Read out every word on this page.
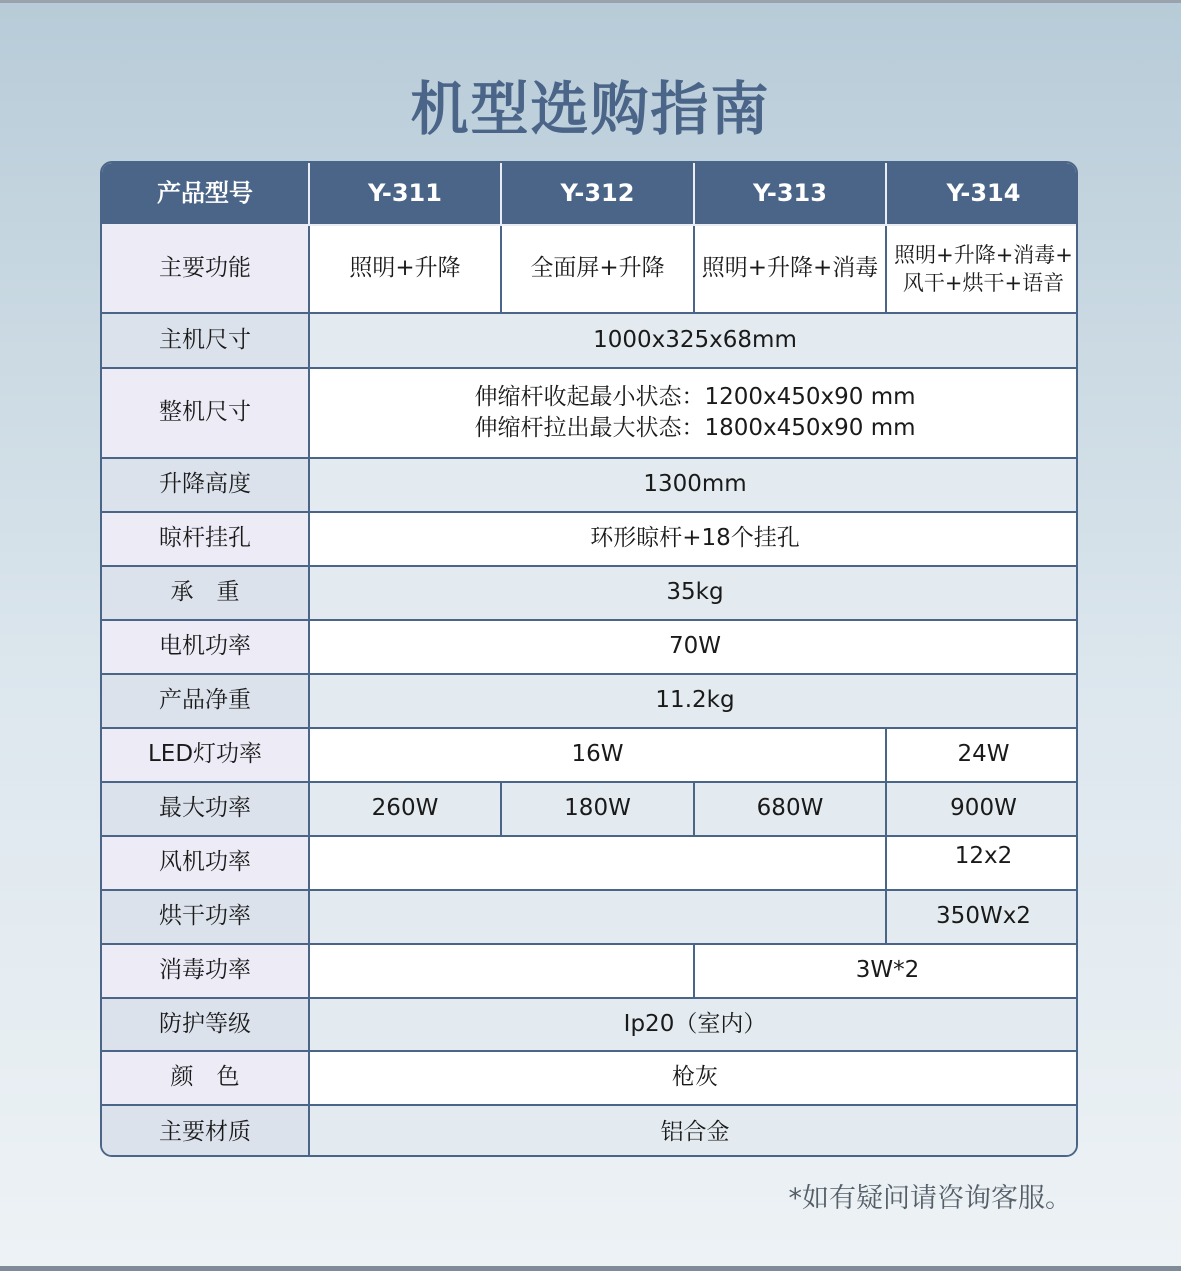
机型选购指南
产品型号	Y-311	Y-312	Y-313	Y-314
主要功能	照明+升降	全面屏+升降	照明+升降+消毒	照明+升降+消毒+
风干+烘干+语音

主机尺寸	1000x325x68mm			
整机尺寸	伸缩杆收起最小状态：1200x450x90 mm
伸缩杆拉出最大状态：1800x450x90 mm			

升降高度	1300mm			
晾杆挂孔	环形晾杆+18个挂孔			
承　重	35kg			
电机功率	70W			
产品净重	11.2kg			
LED灯功率	16W			24W
最大功率	260W	180W	680W	900W
风机功率				12x2
烘干功率				350Wx2
消毒功率			3W*2	
防护等级	Ip20（室内）			
颜　色	枪灰			
主要材质	铝合金			
*如有疑问请咨询客服。
